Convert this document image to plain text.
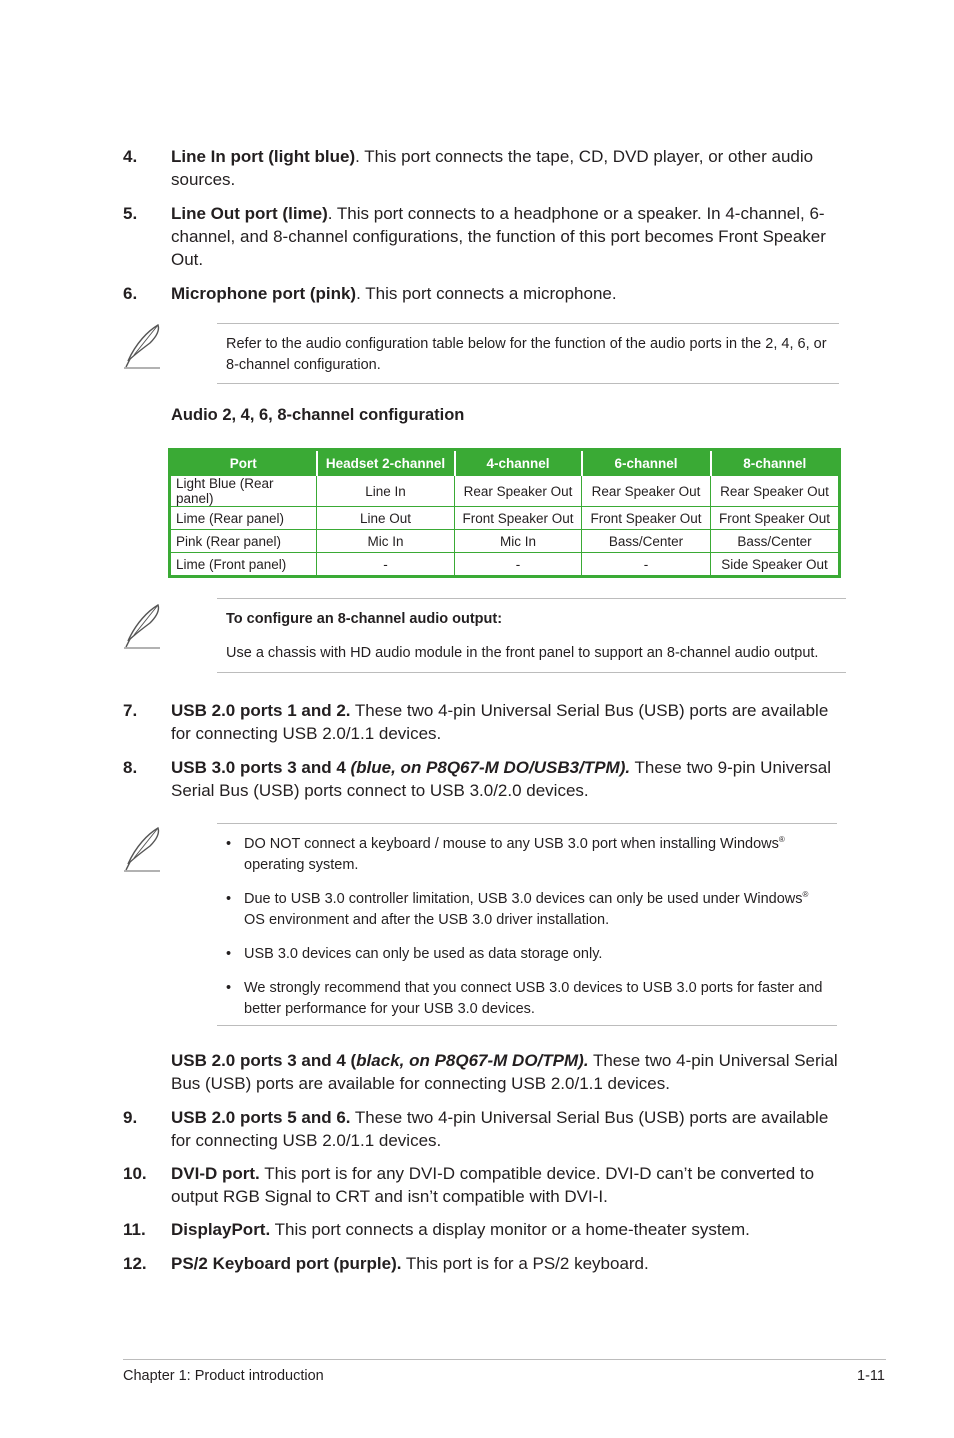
4. Line In port (light blue). This port connects the tape, CD, DVD player, or other audio sources.
5. Line Out port (lime). This port connects to a headphone or a speaker. In 4-channel, 6-channel, and 8-channel configurations, the function of this port becomes Front Speaker Out.
6. Microphone port (pink). This port connects a microphone.
Refer to the audio configuration table below for the function of the audio ports in the 2, 4, 6, or 8-channel configuration.
Audio 2, 4, 6, 8-channel configuration
Port	Headset 2-channel	4-channel	6-channel	8-channel
Light Blue (Rear panel)	Line In	Rear Speaker Out	Rear Speaker Out	Rear Speaker Out
Lime (Rear panel)	Line Out	Front Speaker Out	Front Speaker Out	Front Speaker Out
Pink (Rear panel)	Mic In	Mic In	Bass/Center	Bass/Center
Lime (Front panel)	-	-	-	Side Speaker Out
To configure an 8-channel audio output:
Use a chassis with HD audio module in the front panel to support an 8-channel audio output.
7. USB 2.0 ports 1 and 2. These two 4-pin Universal Serial Bus (USB) ports are available for connecting USB 2.0/1.1 devices.
8. USB 3.0 ports 3 and 4 (blue, on P8Q67-M DO/USB3/TPM). These two 9-pin Universal Serial Bus (USB) ports connect to USB 3.0/2.0 devices.
• DO NOT connect a keyboard / mouse to any USB 3.0 port when installing Windows®
operating system.
• Due to USB 3.0 controller limitation, USB 3.0 devices can only be used under Windows®
OS environment and after the USB 3.0 driver installation.
• USB 3.0 devices can only be used as data storage only.
• We strongly recommend that you connect USB 3.0 devices to USB 3.0 ports for faster and better performance for your USB 3.0 devices.
USB 2.0 ports 3 and 4 (black, on P8Q67-M DO/TPM). These two 4-pin Universal Serial Bus (USB) ports are available for connecting USB 2.0/1.1 devices.
9. USB 2.0 ports 5 and 6. These two 4-pin Universal Serial Bus (USB) ports are available for connecting USB 2.0/1.1 devices.
10. DVI-D port. This port is for any DVI-D compatible device. DVI-D can’t be converted to output RGB Signal to CRT and isn’t compatible with DVI-I.
11. DisplayPort. This port connects a display monitor or a home-theater system.
12. PS/2 Keyboard port (purple). This port is for a PS/2 keyboard.
Chapter 1: Product introduction	1-11
